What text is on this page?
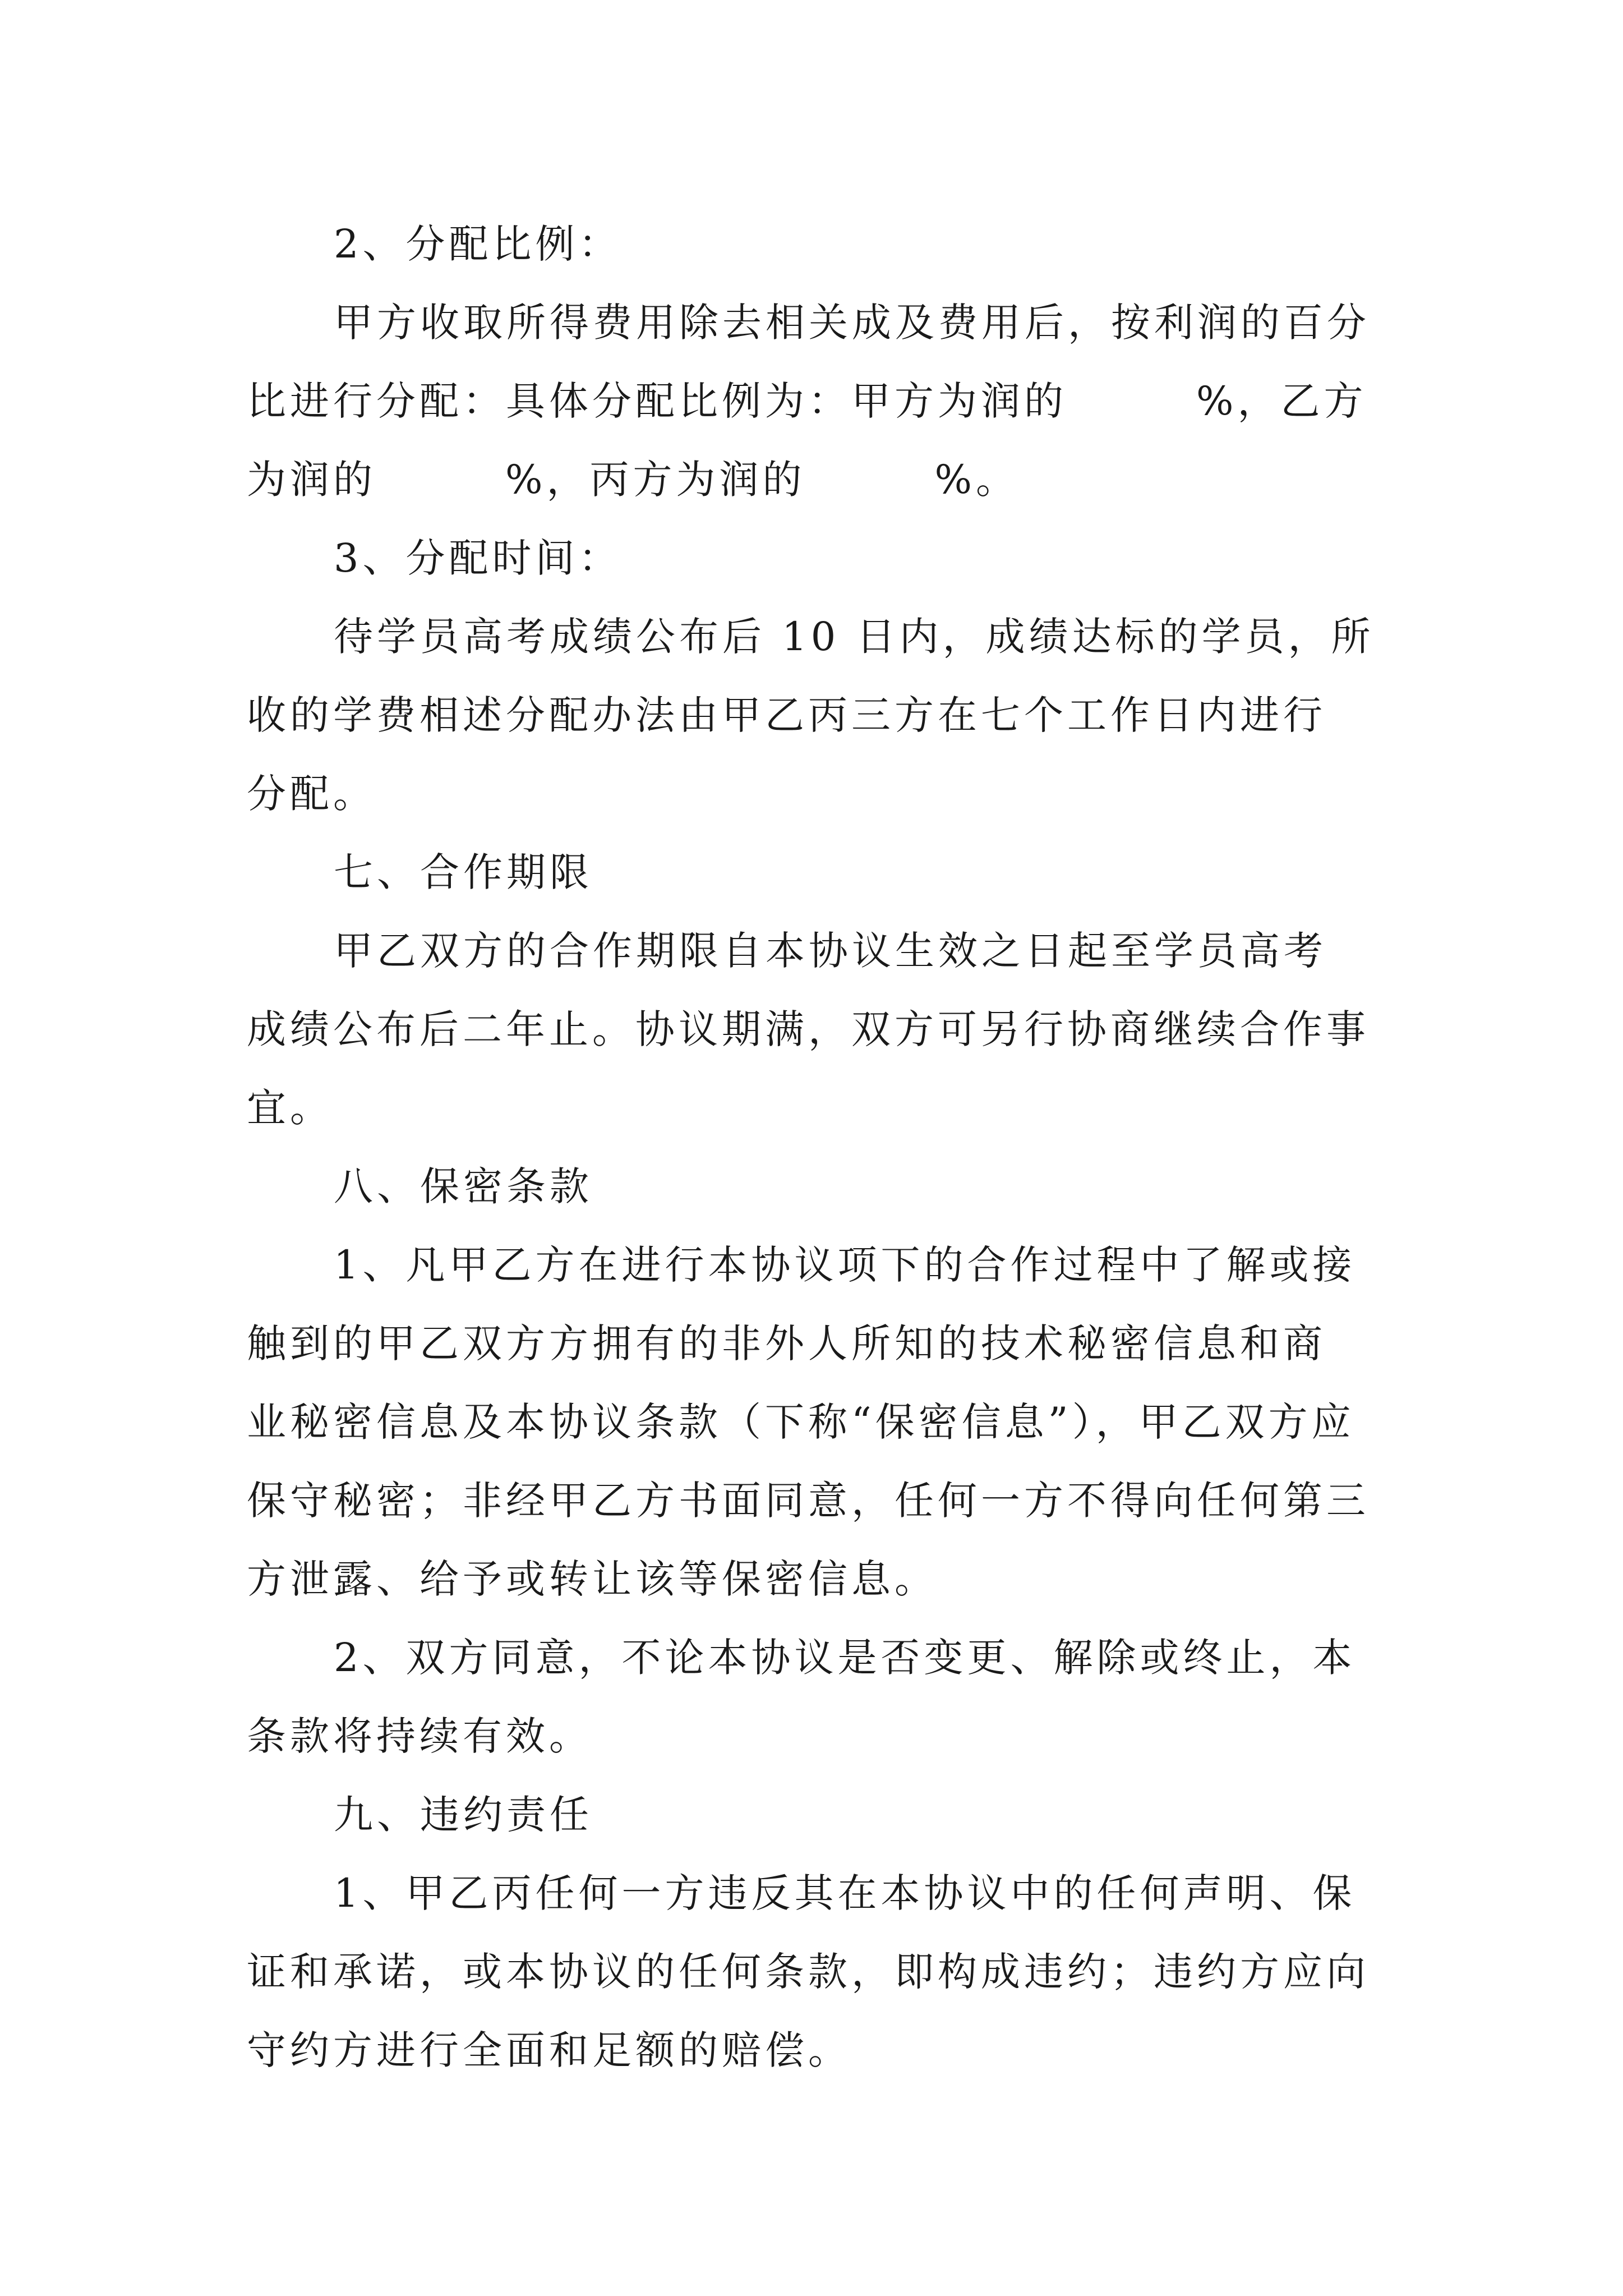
2、分配比例：
甲方收取所得费用除去相关成及费用后，按利润的百分
比进行分配：具体分配比例为：甲方为润的	%，乙方
为润的	%，丙方为润的	%。
3、分配时间：
待学员高考成绩公布后 10 日内，成绩达标的学员，所
收的学费相述分配办法由甲乙丙三方在七个工作日内进行
分配。
七、合作期限
甲乙双方的合作期限自本协议生效之日起至学员高考
成绩公布后二年止。协议期满，双方可另行协商继续合作事
宜。
八、保密条款
1、凡甲乙方在进行本协议项下的合作过程中了解或接
触到的甲乙双方方拥有的非外人所知的技术秘密信息和商
业秘密信息及本协议条款（下称“保密信息”），甲乙双方应
保守秘密；非经甲乙方书面同意，任何一方不得向任何第三
方泄露、给予或转让该等保密信息。
2、双方同意，不论本协议是否变更、解除或终止，本
条款将持续有效。
九、违约责任
1、甲乙丙任何一方违反其在本协议中的任何声明、保
证和承诺，或本协议的任何条款，即构成违约；违约方应向
守约方进行全面和足额的赔偿。
